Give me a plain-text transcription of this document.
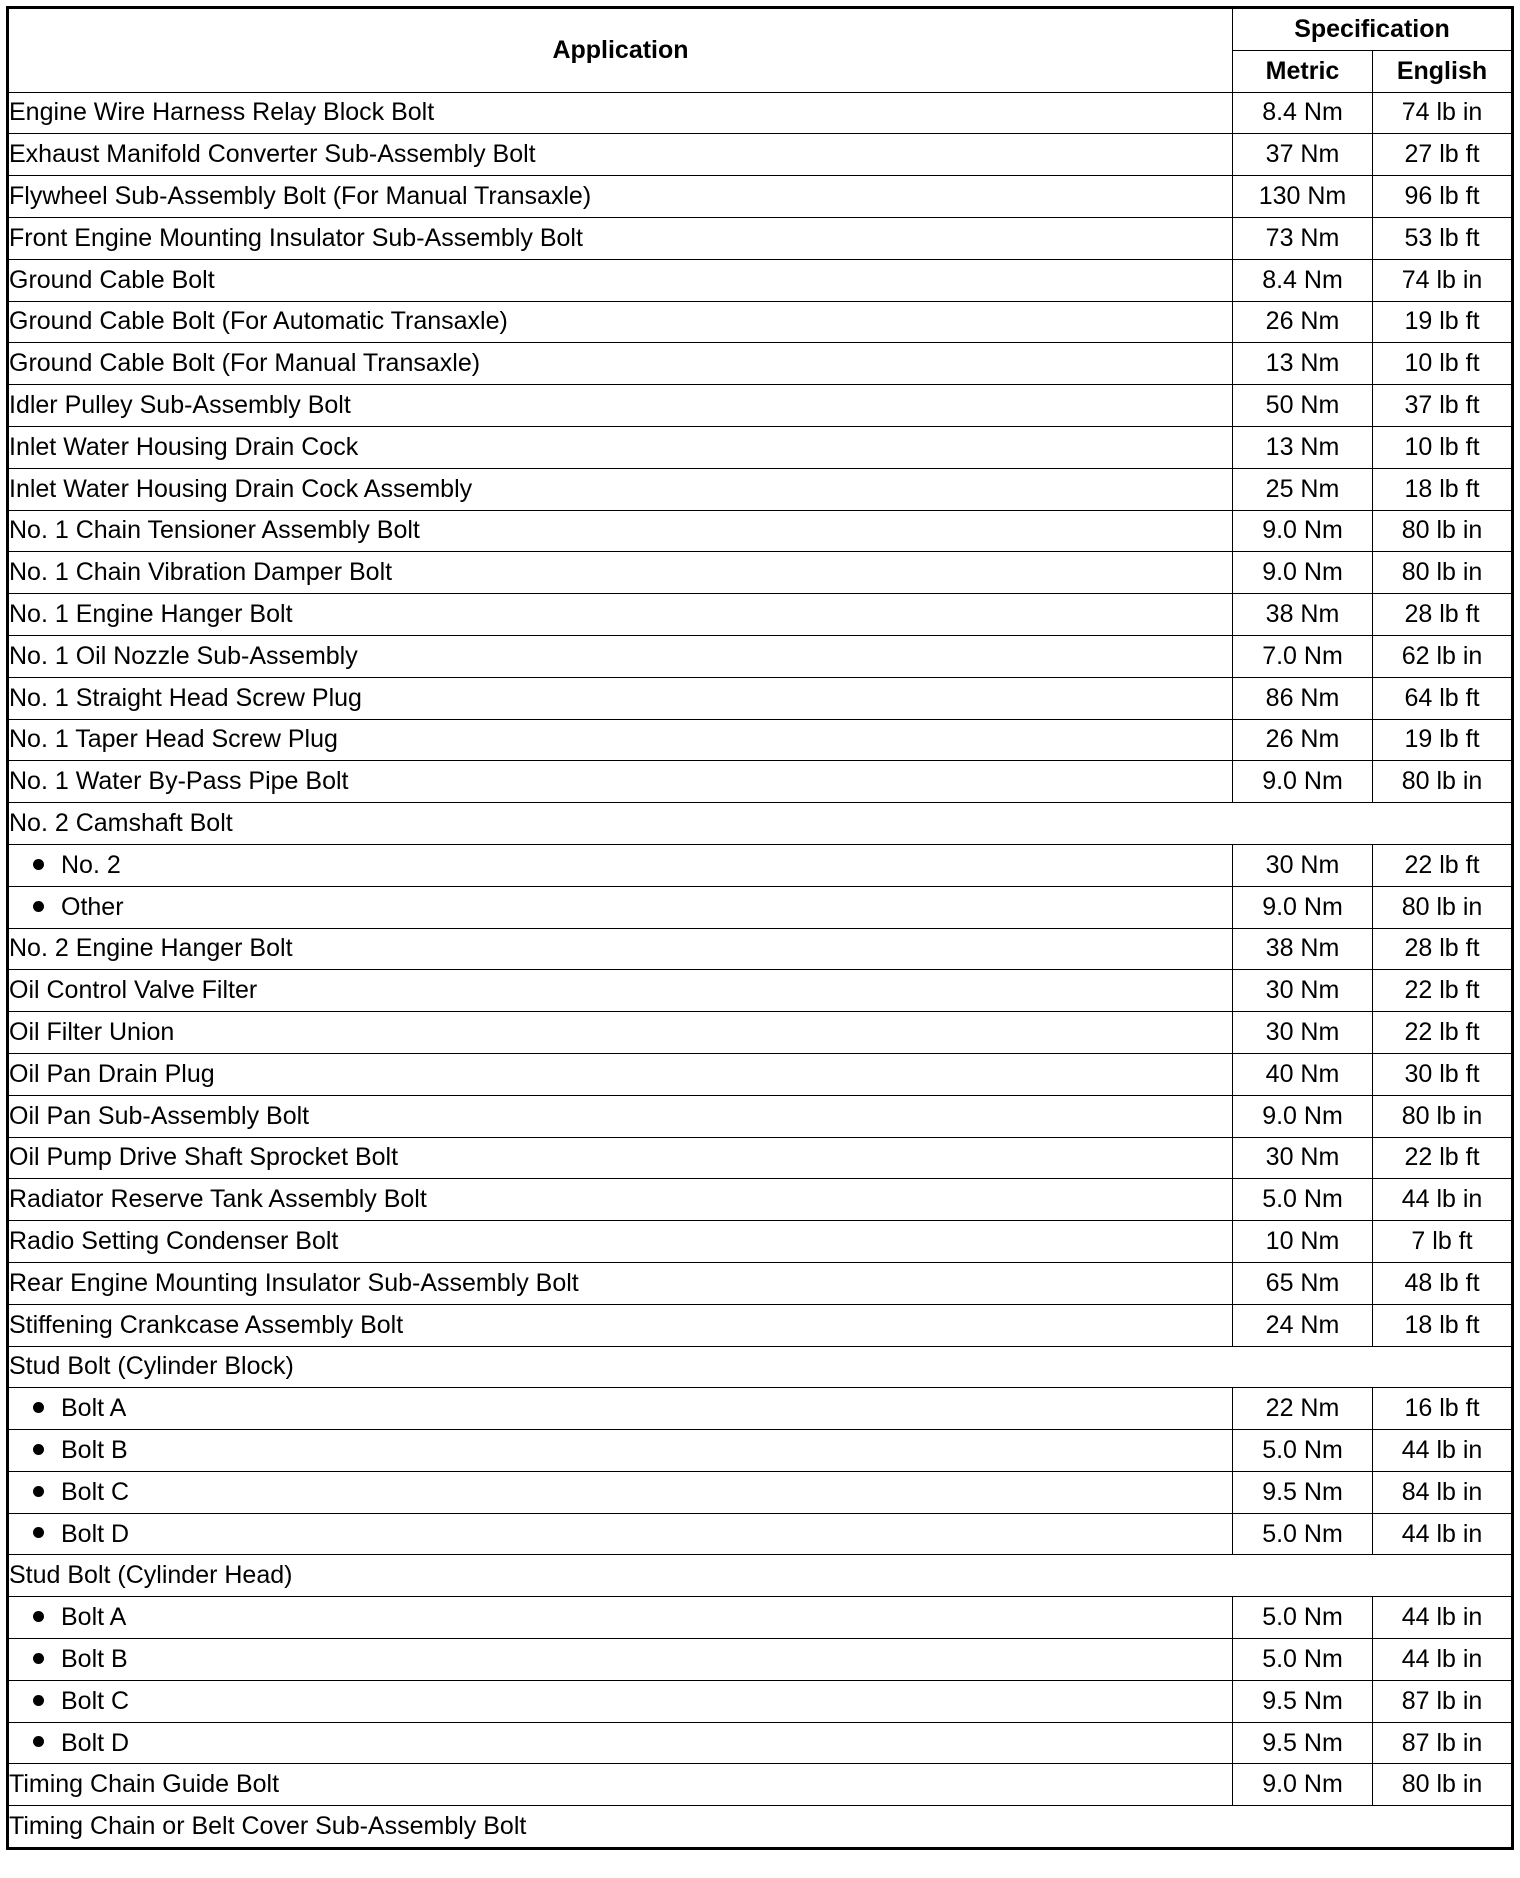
Application	Specification	
	Metric	English
Engine Wire Harness Relay Block Bolt	8.4 Nm	74 lb in
Exhaust Manifold Converter Sub-Assembly Bolt	37 Nm	27 lb ft
Flywheel Sub-Assembly Bolt (For Manual Transaxle)	130 Nm	96 lb ft
Front Engine Mounting Insulator Sub-Assembly Bolt	73 Nm	53 lb ft
Ground Cable Bolt	8.4 Nm	74 lb in
Ground Cable Bolt (For Automatic Transaxle)	26 Nm	19 lb ft
Ground Cable Bolt (For Manual Transaxle)	13 Nm	10 lb ft
Idler Pulley Sub-Assembly Bolt	50 Nm	37 lb ft
Inlet Water Housing Drain Cock	13 Nm	10 lb ft
Inlet Water Housing Drain Cock Assembly	25 Nm	18 lb ft
No. 1 Chain Tensioner Assembly Bolt	9.0 Nm	80 lb in
No. 1 Chain Vibration Damper Bolt	9.0 Nm	80 lb in
No. 1 Engine Hanger Bolt	38 Nm	28 lb ft
No. 1 Oil Nozzle Sub-Assembly	7.0 Nm	62 lb in
No. 1 Straight Head Screw Plug	86 Nm	64 lb ft
No. 1 Taper Head Screw Plug	26 Nm	19 lb ft
No. 1 Water By-Pass Pipe Bolt	9.0 Nm	80 lb in
No. 2 Camshaft Bolt		
No. 2	30 Nm	22 lb ft
Other	9.0 Nm	80 lb in
No. 2 Engine Hanger Bolt	38 Nm	28 lb ft
Oil Control Valve Filter	30 Nm	22 lb ft
Oil Filter Union	30 Nm	22 lb ft
Oil Pan Drain Plug	40 Nm	30 lb ft
Oil Pan Sub-Assembly Bolt	9.0 Nm	80 lb in
Oil Pump Drive Shaft Sprocket Bolt	30 Nm	22 lb ft
Radiator Reserve Tank Assembly Bolt	5.0 Nm	44 lb in
Radio Setting Condenser Bolt	10 Nm	7 lb ft
Rear Engine Mounting Insulator Sub-Assembly Bolt	65 Nm	48 lb ft
Stiffening Crankcase Assembly Bolt	24 Nm	18 lb ft
Stud Bolt (Cylinder Block)		
Bolt A	22 Nm	16 lb ft
Bolt B	5.0 Nm	44 lb in
Bolt C	9.5 Nm	84 lb in
Bolt D	5.0 Nm	44 lb in
Stud Bolt (Cylinder Head)		
Bolt A	5.0 Nm	44 lb in
Bolt B	5.0 Nm	44 lb in
Bolt C	9.5 Nm	87 lb in
Bolt D	9.5 Nm	87 lb in
Timing Chain Guide Bolt	9.0 Nm	80 lb in
Timing Chain or Belt Cover Sub-Assembly Bolt		
